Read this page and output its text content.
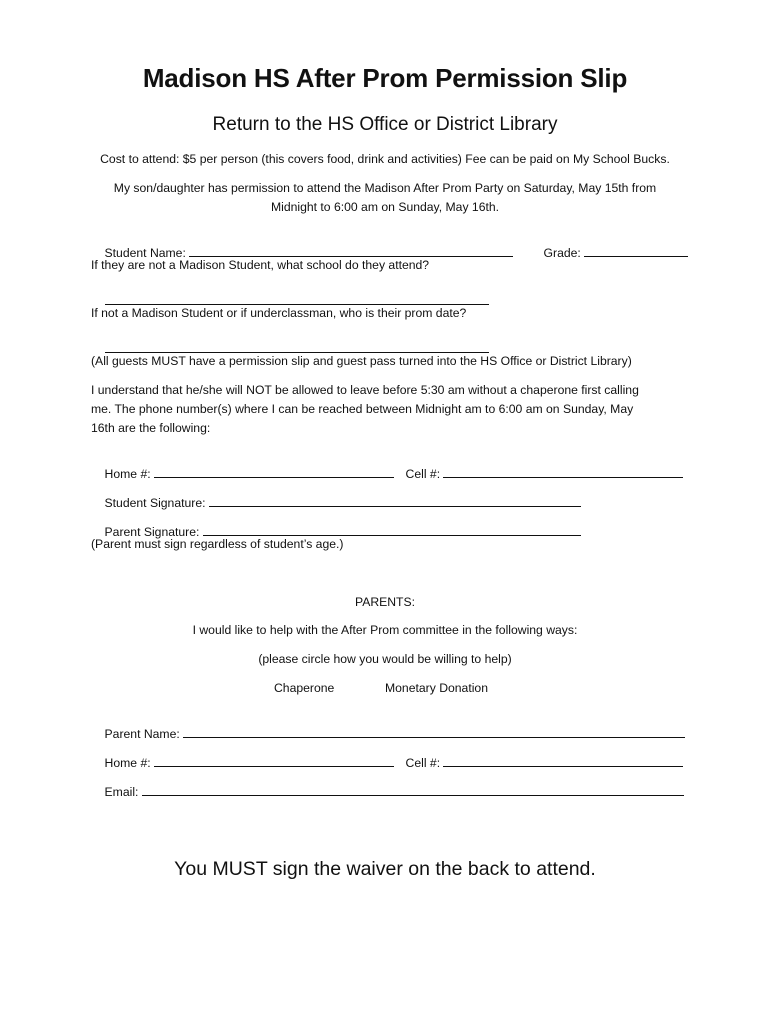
Madison HS After Prom Permission Slip
Return to the HS Office or District Library
Cost to attend: $5 per person (this covers food, drink and activities) Fee can be paid on My School Bucks.
My son/daughter has permission to attend the Madison After Prom Party on Saturday, May 15th from
Midnight to 6:00 am on Sunday, May 16th.

Student Name:
	Grade:

If they are not a Madison Student, what school do they attend?

If not a Madison Student or if underclassman, who is their prom date?

(All guests MUST have a permission slip and guest pass turned into the HS Office or District Library)
I understand that he/she will NOT be allowed to leave before 5:30 am without a chaperone first calling
me. The phone number(s) where I can be reached between Midnight am to 6:00 am on Sunday, May
16th are the following:

Home #:
	Cell #:

Student Signature:

Parent Signature:

(Parent must sign regardless of student’s age.)
PARENTS:
I would like to help with the After Prom committee in the following ways:
(please circle how you would be willing to help)
Chaperone	Monetary Donation

Parent Name:

Home #:
	Cell #:

Email:

You MUST sign the waiver on the back to attend.
